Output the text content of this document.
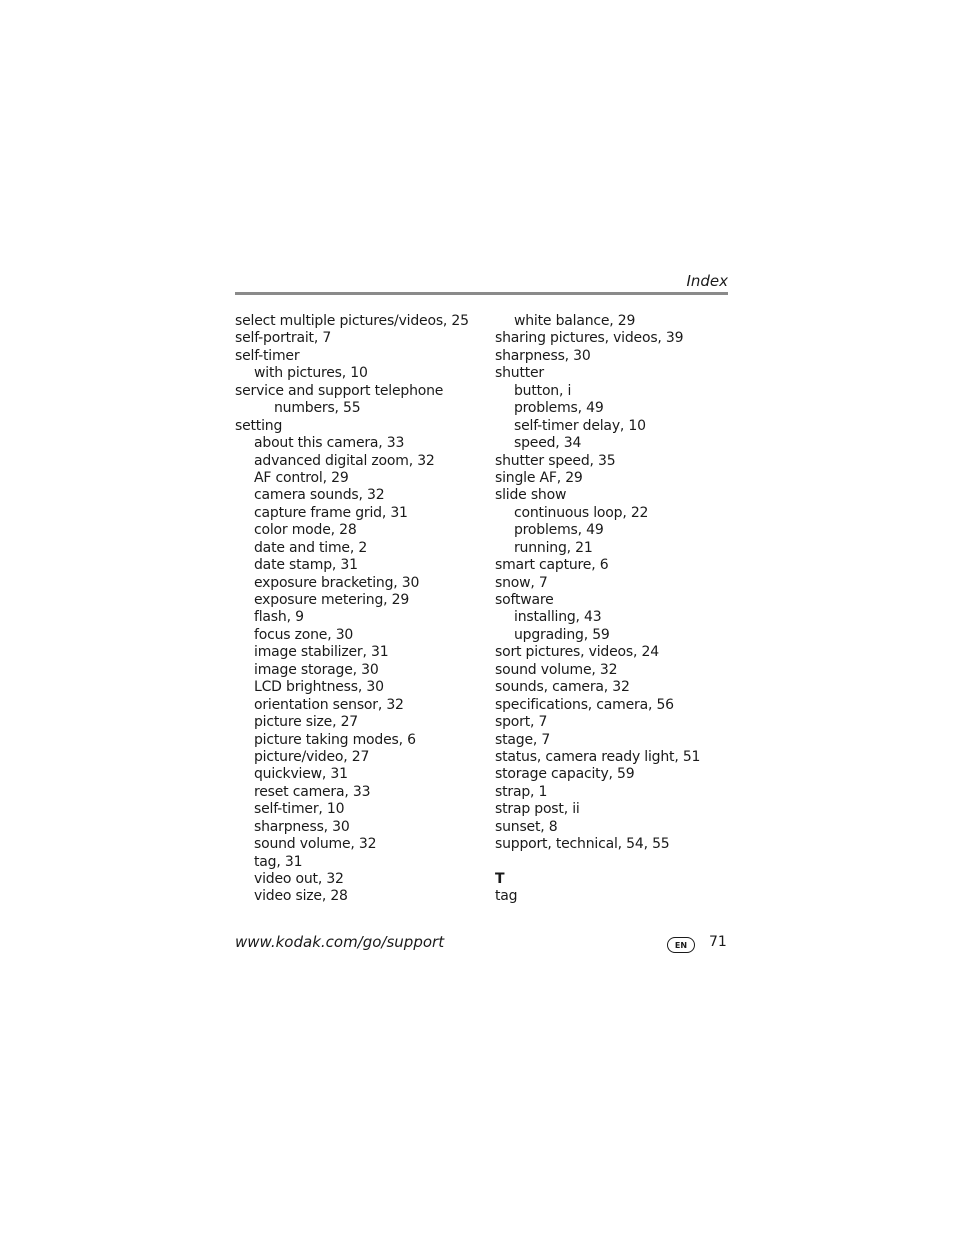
Index
select multiple pictures/videos, 25
self-portrait, 7
self-timer
with pictures, 10
service and support telephone
numbers, 55
setting
about this camera, 33
advanced digital zoom, 32
AF control, 29
camera sounds, 32
capture frame grid, 31
color mode, 28
date and time, 2
date stamp, 31
exposure bracketing, 30
exposure metering, 29
flash, 9
focus zone, 30
image stabilizer, 31
image storage, 30
LCD brightness, 30
orientation sensor, 32
picture size, 27
picture taking modes, 6
picture/video, 27
quickview, 31
reset camera, 33
self-timer, 10
sharpness, 30
sound volume, 32
tag, 31
video out, 32
video size, 28
white balance, 29
sharing pictures, videos, 39
sharpness, 30
shutter
button, i
problems, 49
self-timer delay, 10
speed, 34
shutter speed, 35
single AF, 29
slide show
continuous loop, 22
problems, 49
running, 21
smart capture, 6
snow, 7
software
installing, 43
upgrading, 59
sort pictures, videos, 24
sound volume, 32
sounds, camera, 32
specifications, camera, 56
sport, 7
stage, 7
status, camera ready light, 51
storage capacity, 59
strap, 1
strap post, ii
sunset, 8
support, technical, 54, 55
T
tag
www.kodak.com/go/support	EN	71
